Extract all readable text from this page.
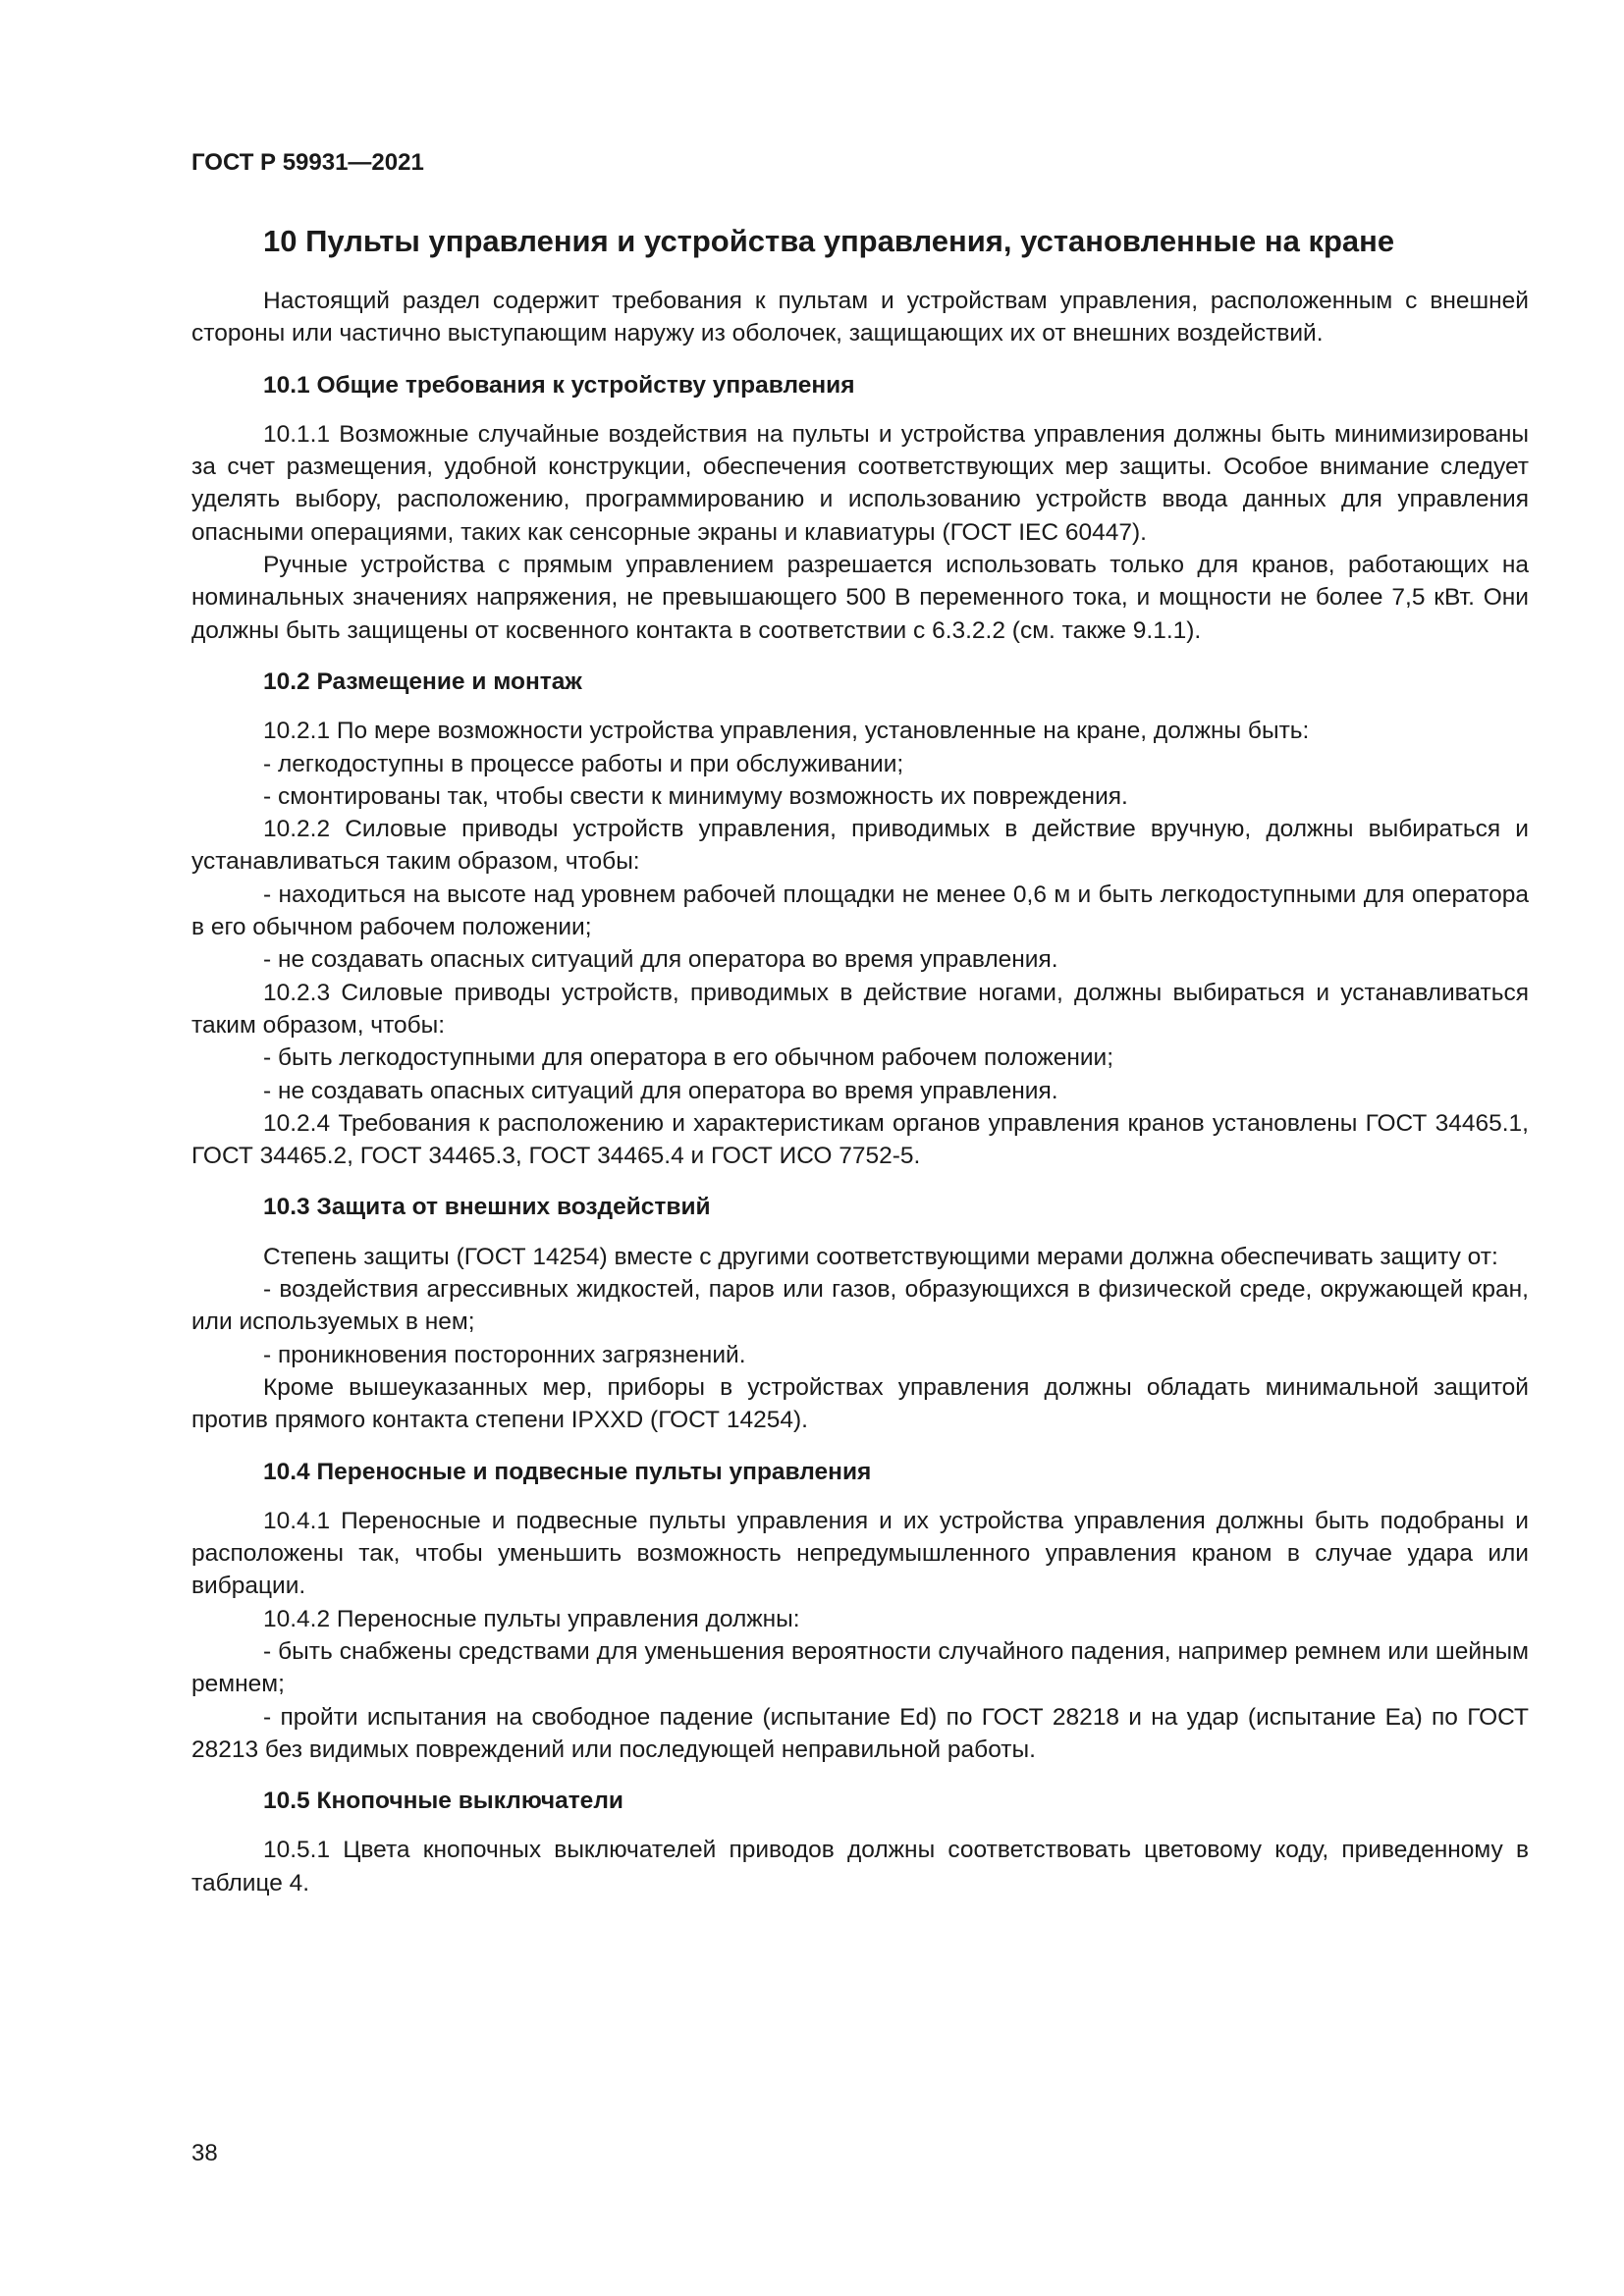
ГОСТ Р 59931—2021
10 Пульты управления и устройства управления, установленные на кране

Настоящий раздел содержит требования к пультам и устройствам управления, расположенным с внешней стороны или частично выступающим наружу из оболочек, защищающих их от внешних воздействий.

10.1 Общие требования к устройству управления

10.1.1 Возможные случайные воздействия на пульты и устройства управления должны быть минимизированы за счет размещения, удобной конструкции, обеспечения соответствующих мер защиты. Особое внимание следует уделять выбору, расположению, программированию и использованию устройств ввода данных для управления опасными операциями, таких как сенсорные экраны и клавиатуры (ГОСТ IEC 60447).

Ручные устройства с прямым управлением разрешается использовать только для кранов, работающих на номинальных значениях напряжения, не превышающего 500 В переменного тока, и мощности не более 7,5 кВт. Они должны быть защищены от косвенного контакта в соответствии с 6.3.2.2 (см. также 9.1.1).

10.2 Размещение и монтаж

10.2.1 По мере возможности устройства управления, установленные на кране, должны быть:

- легкодоступны в процессе работы и при обслуживании;

- смонтированы так, чтобы свести к минимуму возможность их повреждения.

10.2.2 Силовые приводы устройств управления, приводимых в действие вручную, должны выбираться и устанавливаться таким образом, чтобы:

- находиться на высоте над уровнем рабочей площадки не менее 0,6 м и быть легкодоступными для оператора в его обычном рабочем положении;

- не создавать опасных ситуаций для оператора во время управления.

10.2.3 Силовые приводы устройств, приводимых в действие ногами, должны выбираться и устанавливаться таким образом, чтобы:

- быть легкодоступными для оператора в его обычном рабочем положении;

- не создавать опасных ситуаций для оператора во время управления.

10.2.4 Требования к расположению и характеристикам органов управления кранов установлены ГОСТ 34465.1, ГОСТ 34465.2, ГОСТ 34465.3, ГОСТ 34465.4 и ГОСТ ИСО 7752-5.

10.3 Защита от внешних воздействий

Степень защиты (ГОСТ 14254) вместе с другими соответствующими мерами должна обеспечивать защиту от:

- воздействия агрессивных жидкостей, паров или газов, образующихся в физической среде, окружающей кран, или используемых в нем;

- проникновения посторонних загрязнений.

Кроме вышеуказанных мер, приборы в устройствах управления должны обладать минимальной защитой против прямого контакта степени IPXXD (ГОСТ 14254).

10.4 Переносные и подвесные пульты управления

10.4.1 Переносные и подвесные пульты управления и их устройства управления должны быть подобраны и расположены так, чтобы уменьшить возможность непредумышленного управления краном в случае удара или вибрации.

10.4.2 Переносные пульты управления должны:

- быть снабжены средствами для уменьшения вероятности случайного падения, например ремнем или шейным ремнем;

- пройти испытания на свободное падение (испытание Ed) по ГОСТ 28218 и на удар (испытание Ea) по ГОСТ 28213 без видимых повреждений или последующей неправильной работы.

10.5 Кнопочные выключатели

10.5.1 Цвета кнопочных выключателей приводов должны соответствовать цветовому коду, приведенному в таблице 4.

38
